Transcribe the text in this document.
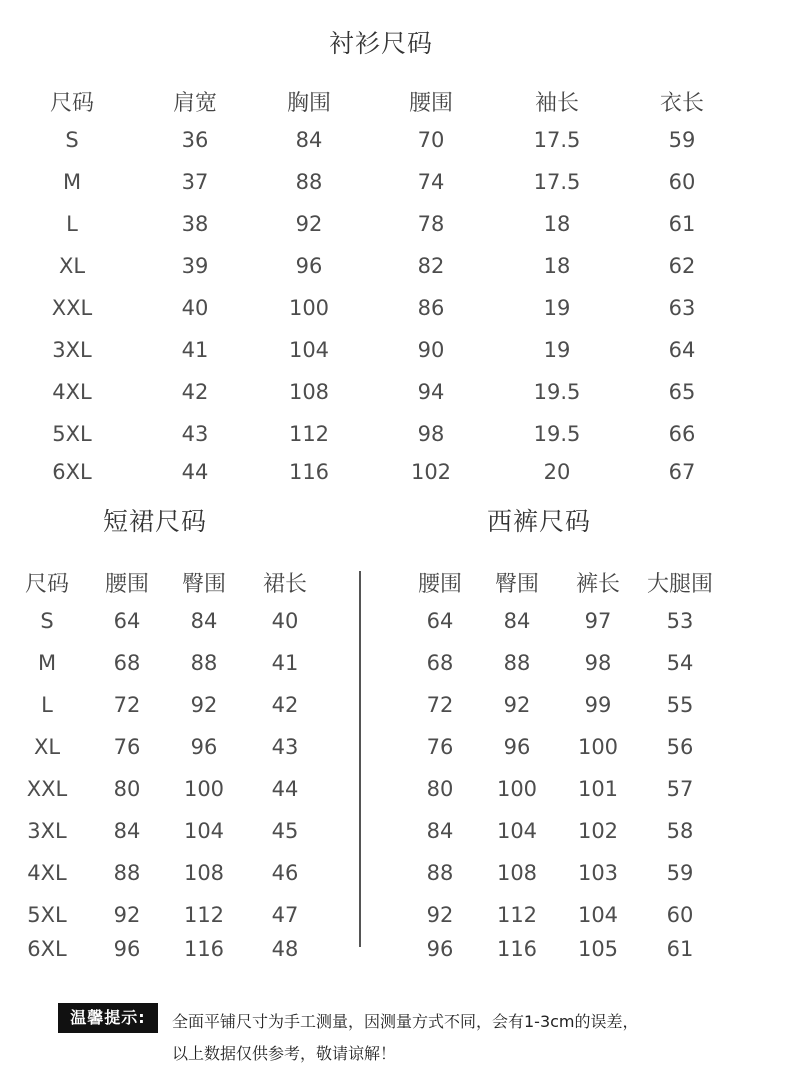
衬衫尺码
尺码	肩宽	胸围	腰围	袖长	衣长
S	36	84	70	17.5	59
M	37	88	74	17.5	60
L	38	92	78	18	61
XL	39	96	82	18	62
XXL	40	100	86	19	63
3XL	41	104	90	19	64
4XL	42	108	94	19.5	65
5XL	43	112	98	19.5	66
6XL	44	116	102	20	67
短裙尺码
尺码 腰围 臀围 裙长
S	64 84	40
M	68 88	41
L	72 92	42
XL	76 96	43
XXL 80 100 44
3XL 84 104 45
4XL 88 108 46
5XL 92 112 47
6XL 96 116 48
西裤尺码
腰围 臀围 裤长 大腿围
64 84	97	53
68 88	98	54
72 92	99	55
76 96 100 56
80 100 101 57
84 104 102 58
88 108 103 59
92 112 104 60
96 116 105 61
温馨提示:	全面平铺尺寸为手工测量，因测量方式不同，会有1-3cm的误差，
以上数据仅供参考，敬请谅解！
